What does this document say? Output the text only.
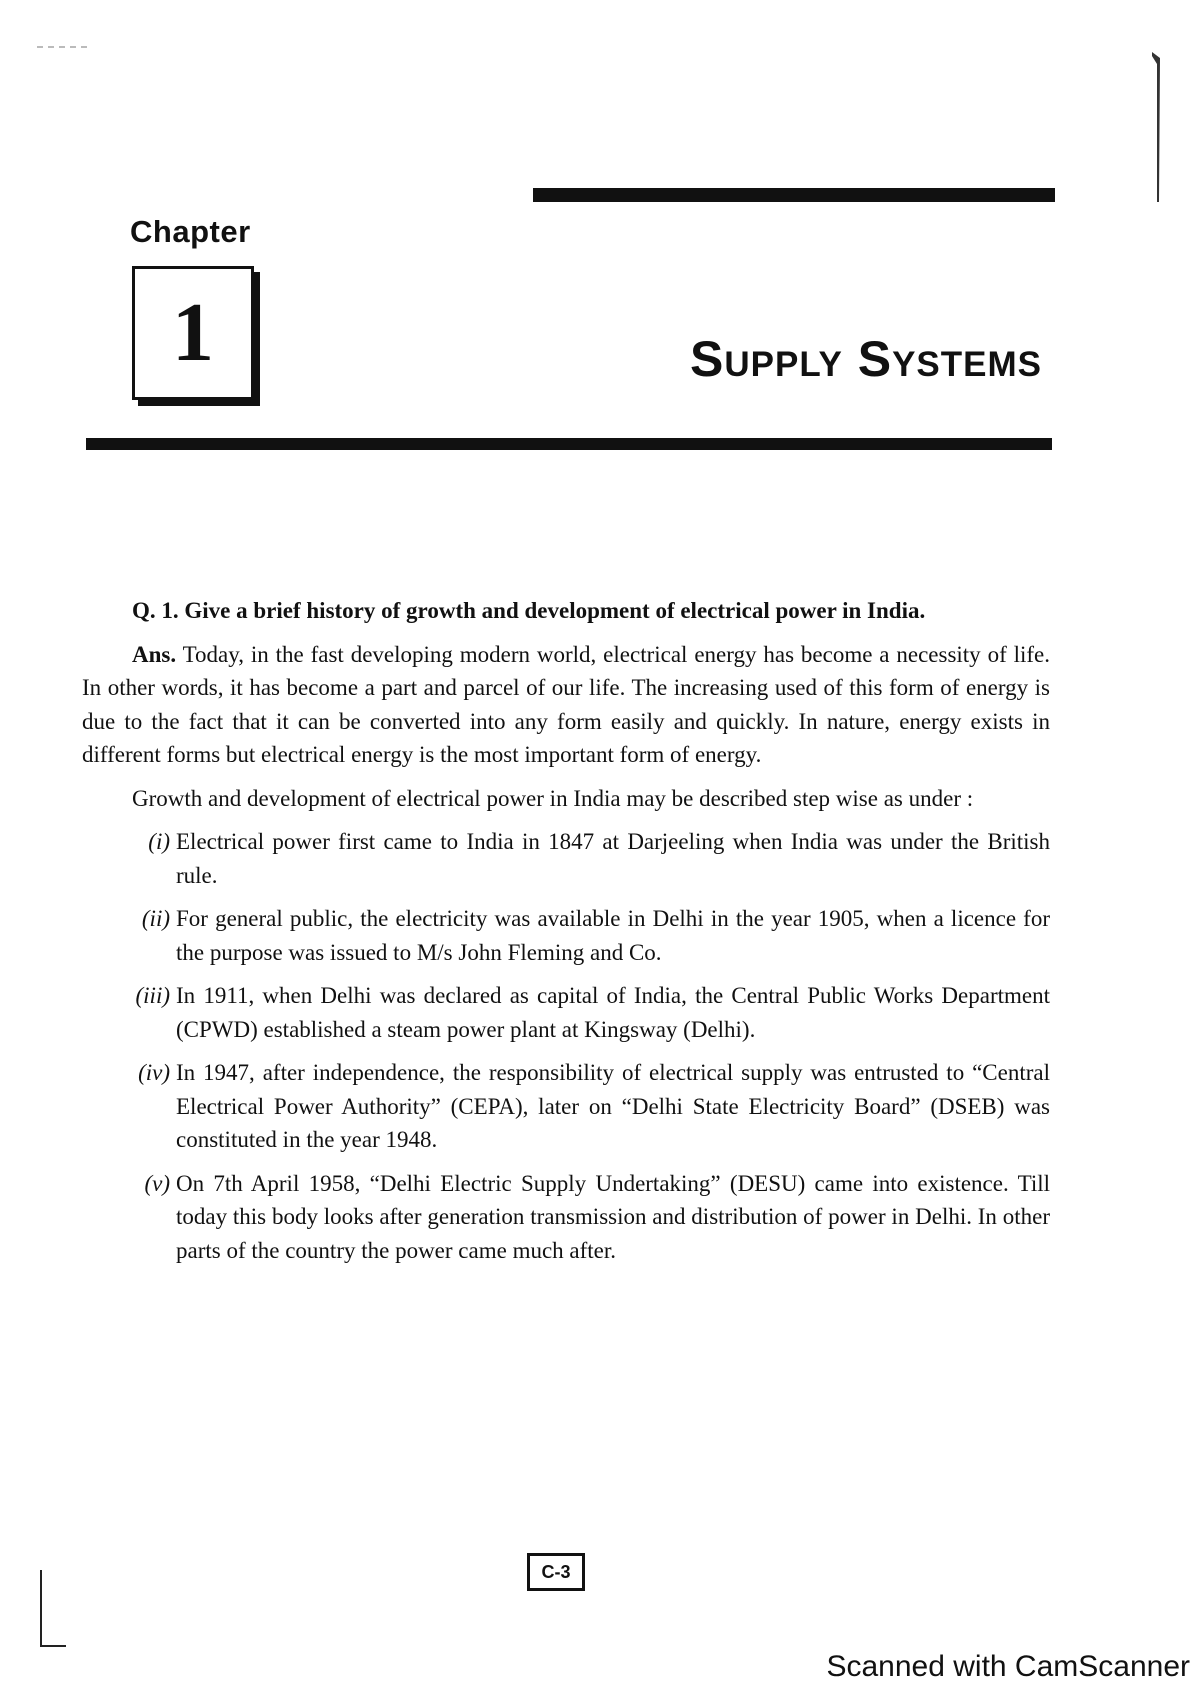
Chapter
1	Supply Systems

Q. 1. Give a brief history of growth and development of electrical power in India.

Ans. Today, in the fast developing modern world, electrical energy has become a necessity of life. In other words, it has become a part and parcel of our life. The increasing used of this form of energy is due to the fact that it can be converted into any form easily and quickly. In nature, energy exists in different forms but electrical energy is the most important form of energy.

Growth and development of electrical power in India may be described step wise as under :

(i) Electrical power first came to India in 1847 at Darjeeling when India was under the British rule.
(ii) For general public, the electricity was available in Delhi in the year 1905, when a licence for the purpose was issued to M/s John Fleming and Co.
(iii) In 1911, when Delhi was declared as capital of India, the Central Public Works Department (CPWD) established a steam power plant at Kingsway (Delhi).
(iv) In 1947, after independence, the responsibility of electrical supply was entrusted to “Central Electrical Power Authority” (CEPA), later on “Delhi State Electricity Board” (DSEB) was constituted in the year 1948.
(v) On 7th April 1958, “Delhi Electric Supply Undertaking” (DESU) came into existence. Till today this body looks after generation transmission and distribution of power in Delhi. In other parts of the country the power came much after.
C-3
Scanned with CamScanner
